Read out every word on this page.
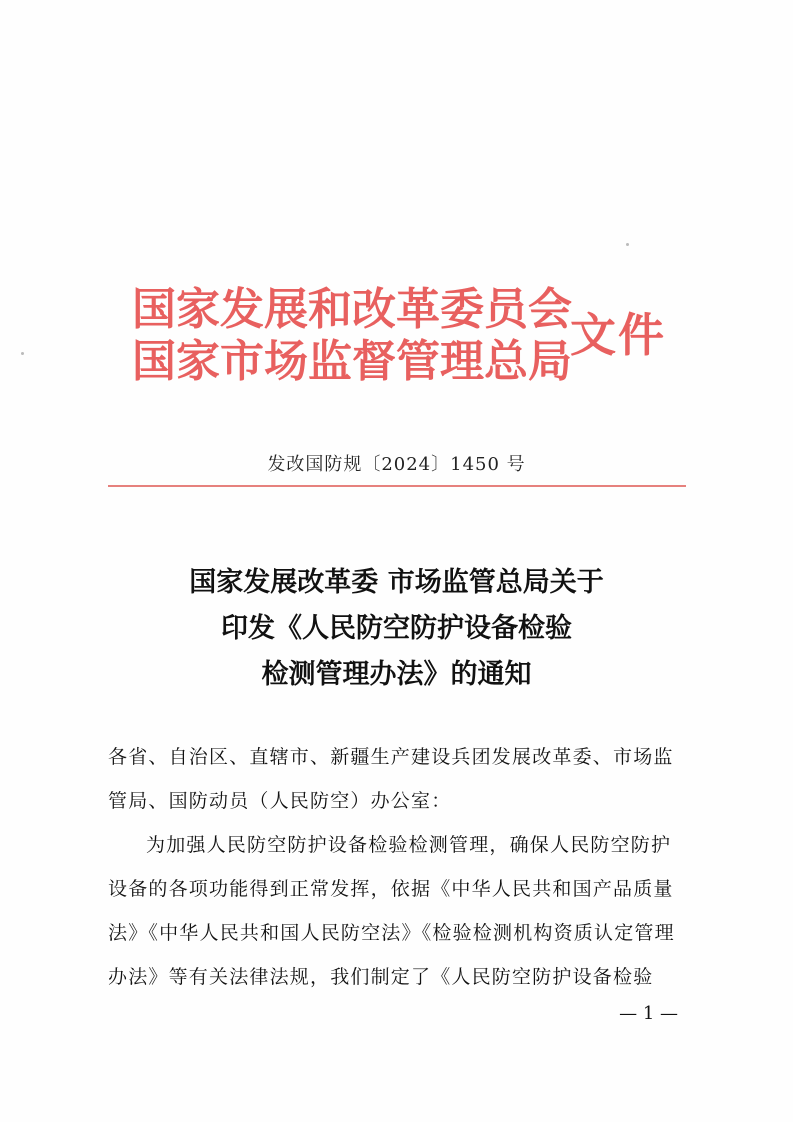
国家发展和改革委员会
国家市场监督管理总局
文件
发改国防规〔2024〕1450 号
国家发展改革委 市场监管总局关于
印发《人民防空防护设备检验
检测管理办法》的通知

各省、自治区、直辖市、新疆生产建设兵团发展改革委、市场监管局、国防动员（人民防空）办公室：

为加强人民防空防护设备检验检测管理，确保人民防空防护设备的各项功能得到正常发挥，依据《中华人民共和国产品质量法》《中华人民共和国人民防空法》《检验检测机构资质认定管理办法》等有关法律法规，我们制定了《人民防空防护设备检验

— 1 —
